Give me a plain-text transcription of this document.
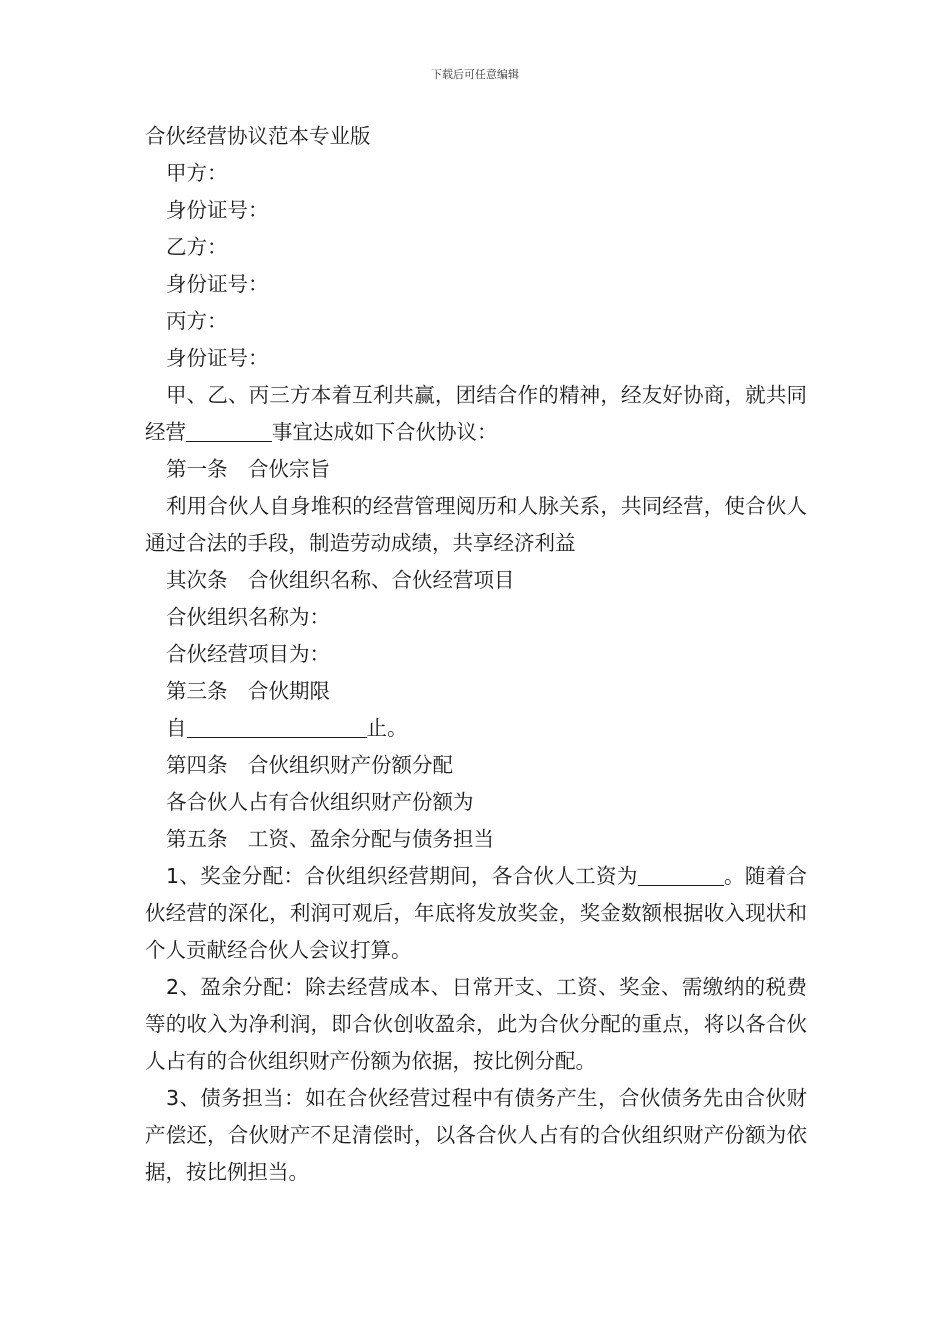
下载后可任意编辑
合伙经营协议范本专业版
甲方：
身份证号：
乙方：
身份证号：
丙方：
身份证号：
甲、乙、丙三方本着互利共赢，团结合作的精神，经友好协商，就共同经营	事宜达成如下合伙协议：
第一条　合伙宗旨
利用合伙人自身堆积的经营管理阅历和人脉关系，共同经营，使合伙人通过合法的手段，制造劳动成绩，共享经济利益
其次条　合伙组织名称、合伙经营项目
合伙组织名称为：
合伙经营项目为：
第三条　合伙期限
自	止。
第四条　合伙组织财产份额分配
各合伙人占有合伙组织财产份额为
第五条　工资、盈余分配与债务担当
1、奖金分配：合伙组织经营期间，各合伙人工资为	。随着合伙经营的深化，利润可观后，年底将发放奖金，奖金数额根据收入现状和个人贡献经合伙人会议打算。
2、盈余分配：除去经营成本、日常开支、工资、奖金、需缴纳的税费等的收入为净利润，即合伙创收盈余，此为合伙分配的重点，将以各合伙人占有的合伙组织财产份额为依据，按比例分配。
3、债务担当：如在合伙经营过程中有债务产生，合伙债务先由合伙财产偿还，合伙财产不足清偿时，以各合伙人占有的合伙组织财产份额为依据，按比例担当。
